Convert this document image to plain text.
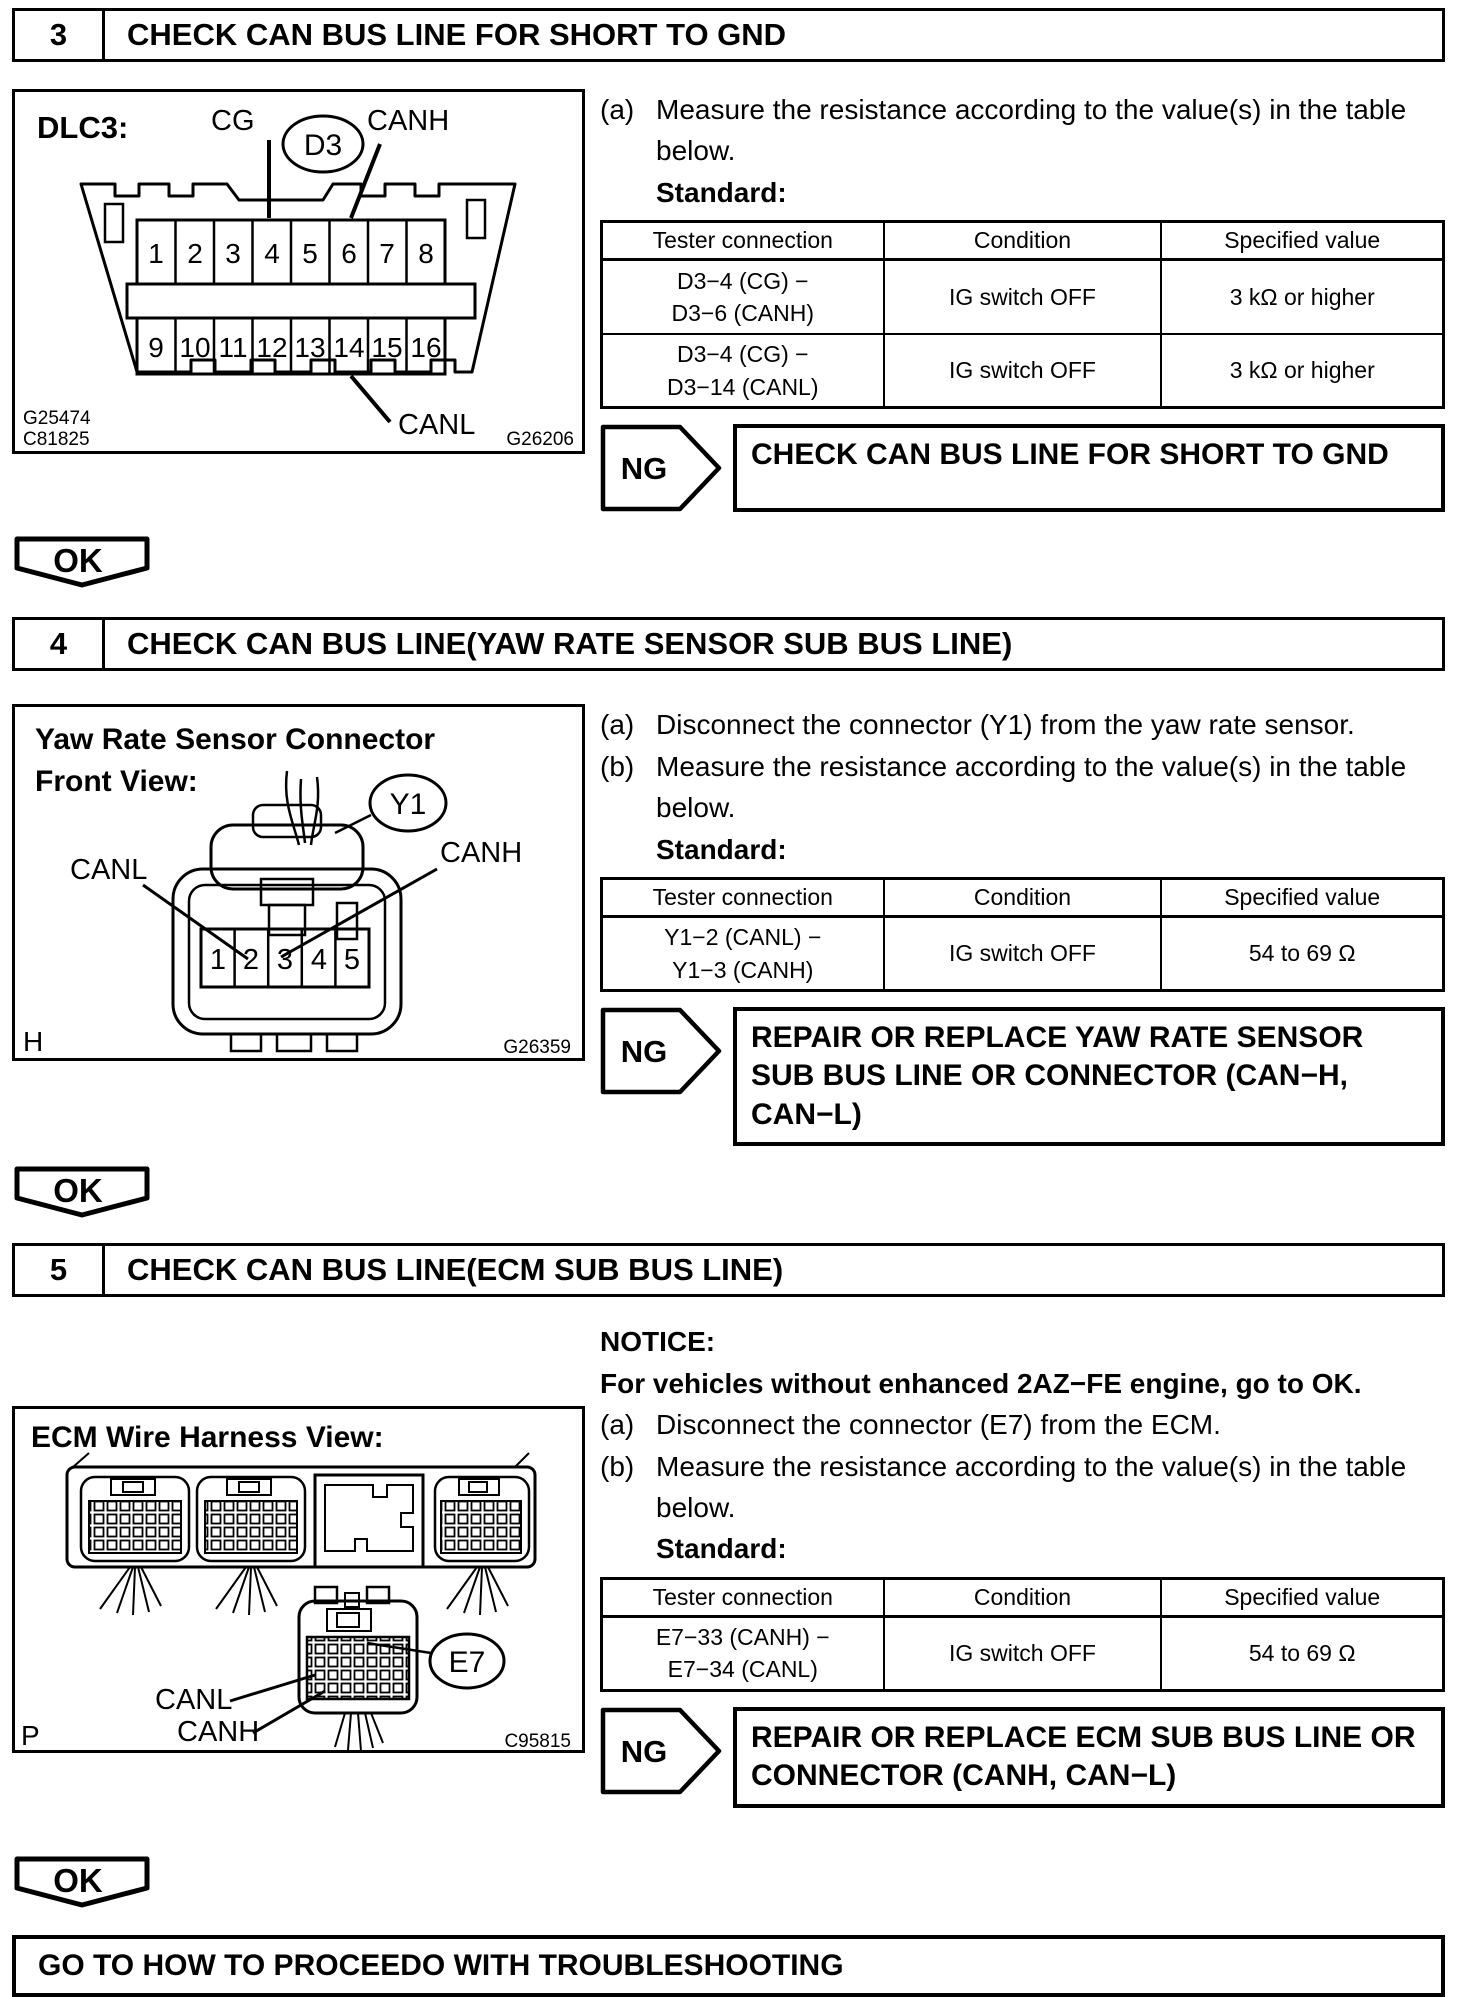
3	CHECK CAN BUS LINE FOR SHORT TO GND
DLC3:	CG
D3
CANH
CANL
1 2 3 4 5 6 7 8
9 10 11 12 13 14 15 16
G25474
C81825	G26206
(a) Measure the resistance according to the value(s) in the table below.
Standard:
Tester connection	Condition	Specified value

D3−4 (CG) −
D3−6 (CANH)	IG switch OFF	3 kΩ or higher

D3−4 (CG) −
D3−14 (CANL)	IG switch OFF	3 kΩ or higher
NG	CHECK CAN BUS LINE FOR SHORT TO GND
OK
4	CHECK CAN BUS LINE(YAW RATE SENSOR SUB BUS LINE)
Yaw Rate Sensor Connector
Front View:
Y1
CANL
CANH
1 2 3 4 5
H	G26359
(a) Disconnect the connector (Y1) from the yaw rate sensor.
(b) Measure the resistance according to the value(s) in the table below.
Standard:
Tester connection	Condition	Specified value

Y1−2 (CANL) −
Y1−3 (CANH)	IG switch OFF	54 to 69 Ω
NG	REPAIR OR REPLACE YAW RATE SENSOR SUB BUS LINE OR CONNECTOR (CAN−H, CAN−L)
OK
5	CHECK CAN BUS LINE(ECM SUB BUS LINE)
ECM Wire Harness View:
E7
CANL
CANH
P	C95815
NOTICE:
For vehicles without enhanced 2AZ−FE engine, go to OK.
(a) Disconnect the connector (E7) from the ECM.
(b) Measure the resistance according to the value(s) in the table below.
Standard:
Tester connection	Condition	Specified value

E7−33 (CANH) −
E7−34 (CANL)	IG switch OFF	54 to 69 Ω
NG	REPAIR OR REPLACE ECM SUB BUS LINE OR CONNECTOR (CANH, CAN−L)
OK
GO TO HOW TO PROCEEDO WITH TROUBLESHOOTING
